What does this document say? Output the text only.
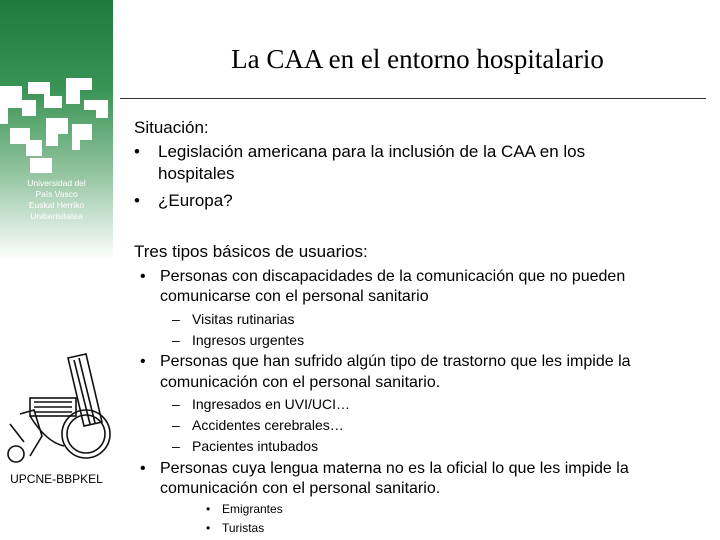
Universidad del
País Vasco
Euskal Herriko
Unibertsitatea
UPCNE-BBPKEL
La CAA en el entorno hospitalario
Situación:
• Legislación americana para la inclusión de la CAA en los
hospitales
• ¿Europa?
Tres tipos básicos de usuarios:
• Personas con discapacidades de la comunicación que no pueden
comunicarse con el personal sanitario
– Visitas rutinarias
– Ingresos urgentes
• Personas que han sufrido algún tipo de trastorno que les impide la
comunicación con el personal sanitario.
– Ingresados en UVI/UCI…
– Accidentes cerebrales…
– Pacientes intubados
• Personas cuya lengua materna no es la oficial lo que les impide la
comunicación con el personal sanitario.
• Emigrantes
• Turistas
